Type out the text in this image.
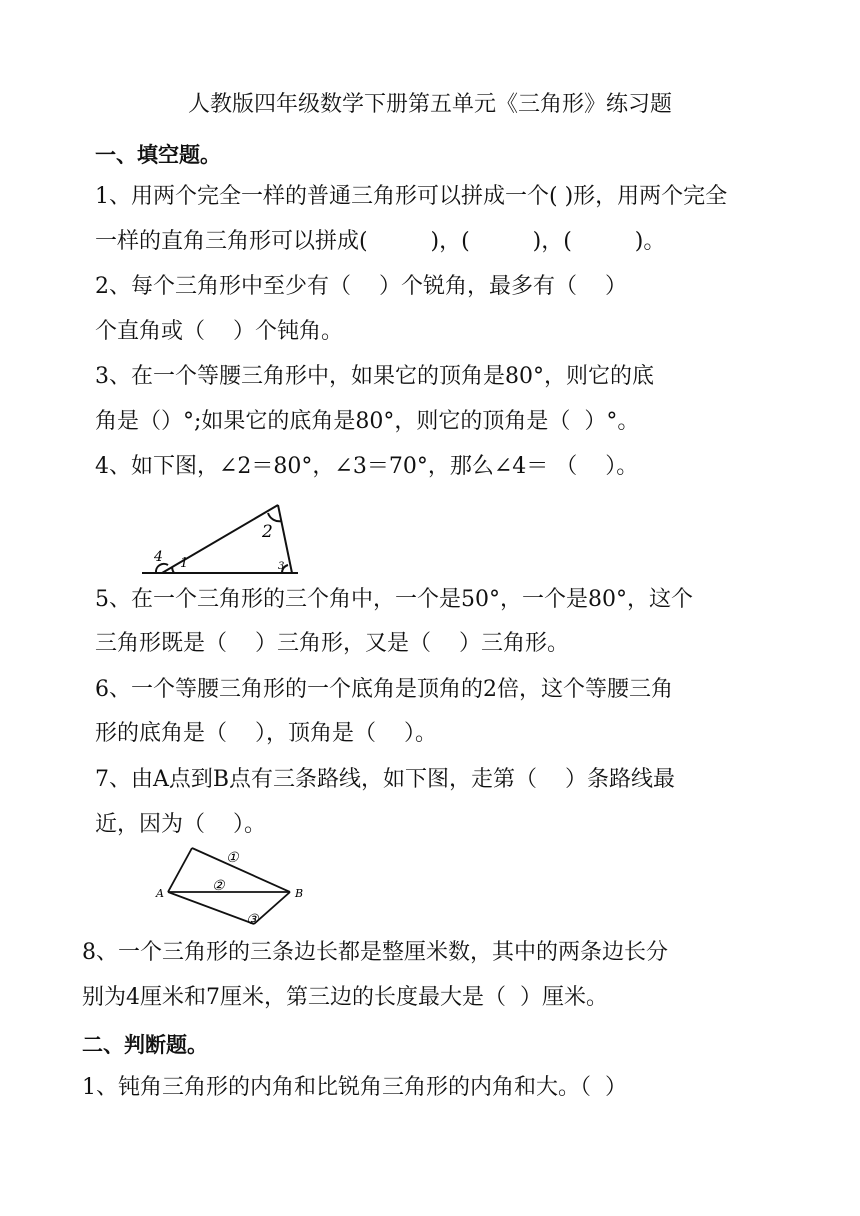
人教版四年级数学下册第五单元《三角形》练习题
一、填空题。
1、用两个完全一样的普通三角形可以拼成一个( )形，用两个完全
一样的直角三角形可以拼成(         )，(         )，(         )。
2、每个三角形中至少有（    ）个锐角，最多有（    ）
个直角或（    ）个钝角。
3、在一个等腰三角形中，如果它的顶角是80°，则它的底
角是（）°;如果它的底角是80°，则它的顶角是（  ）°。
4、如下图，∠2＝80°，∠3＝70°，那么∠4＝ （    ）。
4 1
2
3
5、在一个三角形的三个角中，一个是50°，一个是80°，这个
三角形既是（    ）三角形，又是（    ）三角形。
6、一个等腰三角形的一个底角是顶角的2倍，这个等腰三角
形的底角是（    ），顶角是（    ）。
7、由A点到B点有三条路线，如下图，走第（    ）条路线最
近，因为（    ）。
A	B
①
②
③
8、一个三角形的三条边长都是整厘米数，其中的两条边长分
别为4厘米和7厘米，第三边的长度最大是（  ）厘米。
二、判断题。
1、钝角三角形的内角和比锐角三角形的内角和大。（  ）
